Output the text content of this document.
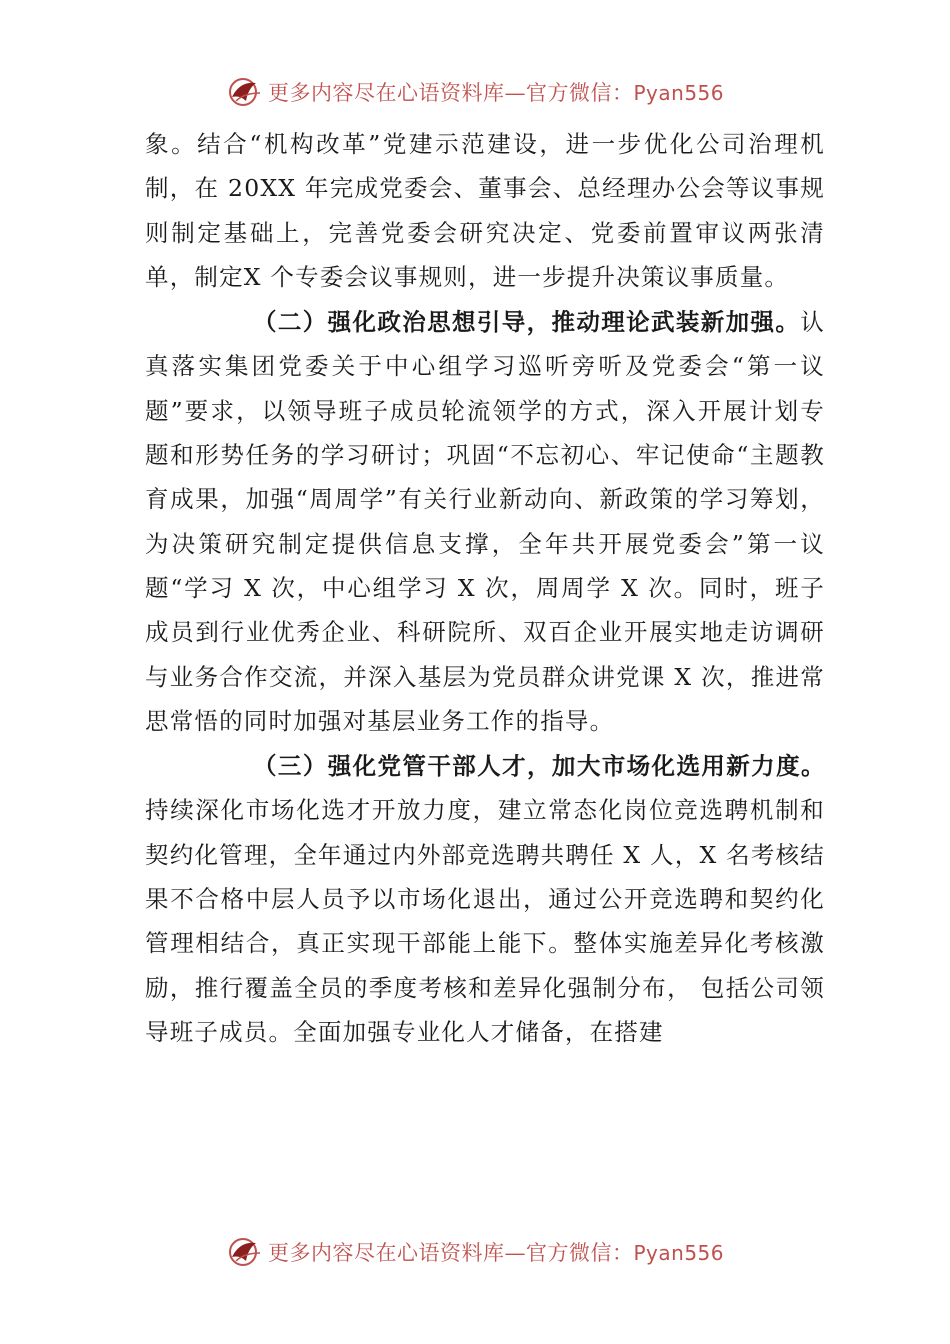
更多内容尽在心语资料库—官方微信：Pyan556

象。结合“机构改革”党建示范建设，进一步优化公司治理机制，在 20XX 年完成党委会、董事会、总经理办公会等议事规则制定基础上，完善党委会研究决定、党委前置审议两张清单，制定X 个专委会议事规则，进一步提升决策议事质量。

（二）强化政治思想引导，推动理论武装新加强。认真落实集团党委关于中心组学习巡听旁听及党委会“第一议题”要求，以领导班子成员轮流领学的方式，深入开展计划专题和形势任务的学习研讨；巩固“不忘初心、牢记使命“主题教育成果，加强“周周学”有关行业新动向、新政策的学习筹划，为决策研究制定提供信息支撑，全年共开展党委会”第一议题“学习 X 次，中心组学习 X 次，周周学 X 次。同时，班子成员到行业优秀企业、科研院所、双百企业开展实地走访调研与业务合作交流，并深入基层为党员群众讲党课 X 次，推进常思常悟的同时加强对基层业务工作的指导。

（三）强化党管干部人才，加大市场化选用新力度。持续深化市场化选才开放力度，建立常态化岗位竞选聘机制和契约化管理，全年通过内外部竞选聘共聘任 X 人，X 名考核结果不合格中层人员予以市场化退出，通过公开竞选聘和契约化管理相结合，真正实现干部能上能下。整体实施差异化考核激励，推行覆盖全员的季度考核和差异化强制分布， 包括公司领导班子成员。全面加强专业化人才储备，在搭建

更多内容尽在心语资料库—官方微信：Pyan556
